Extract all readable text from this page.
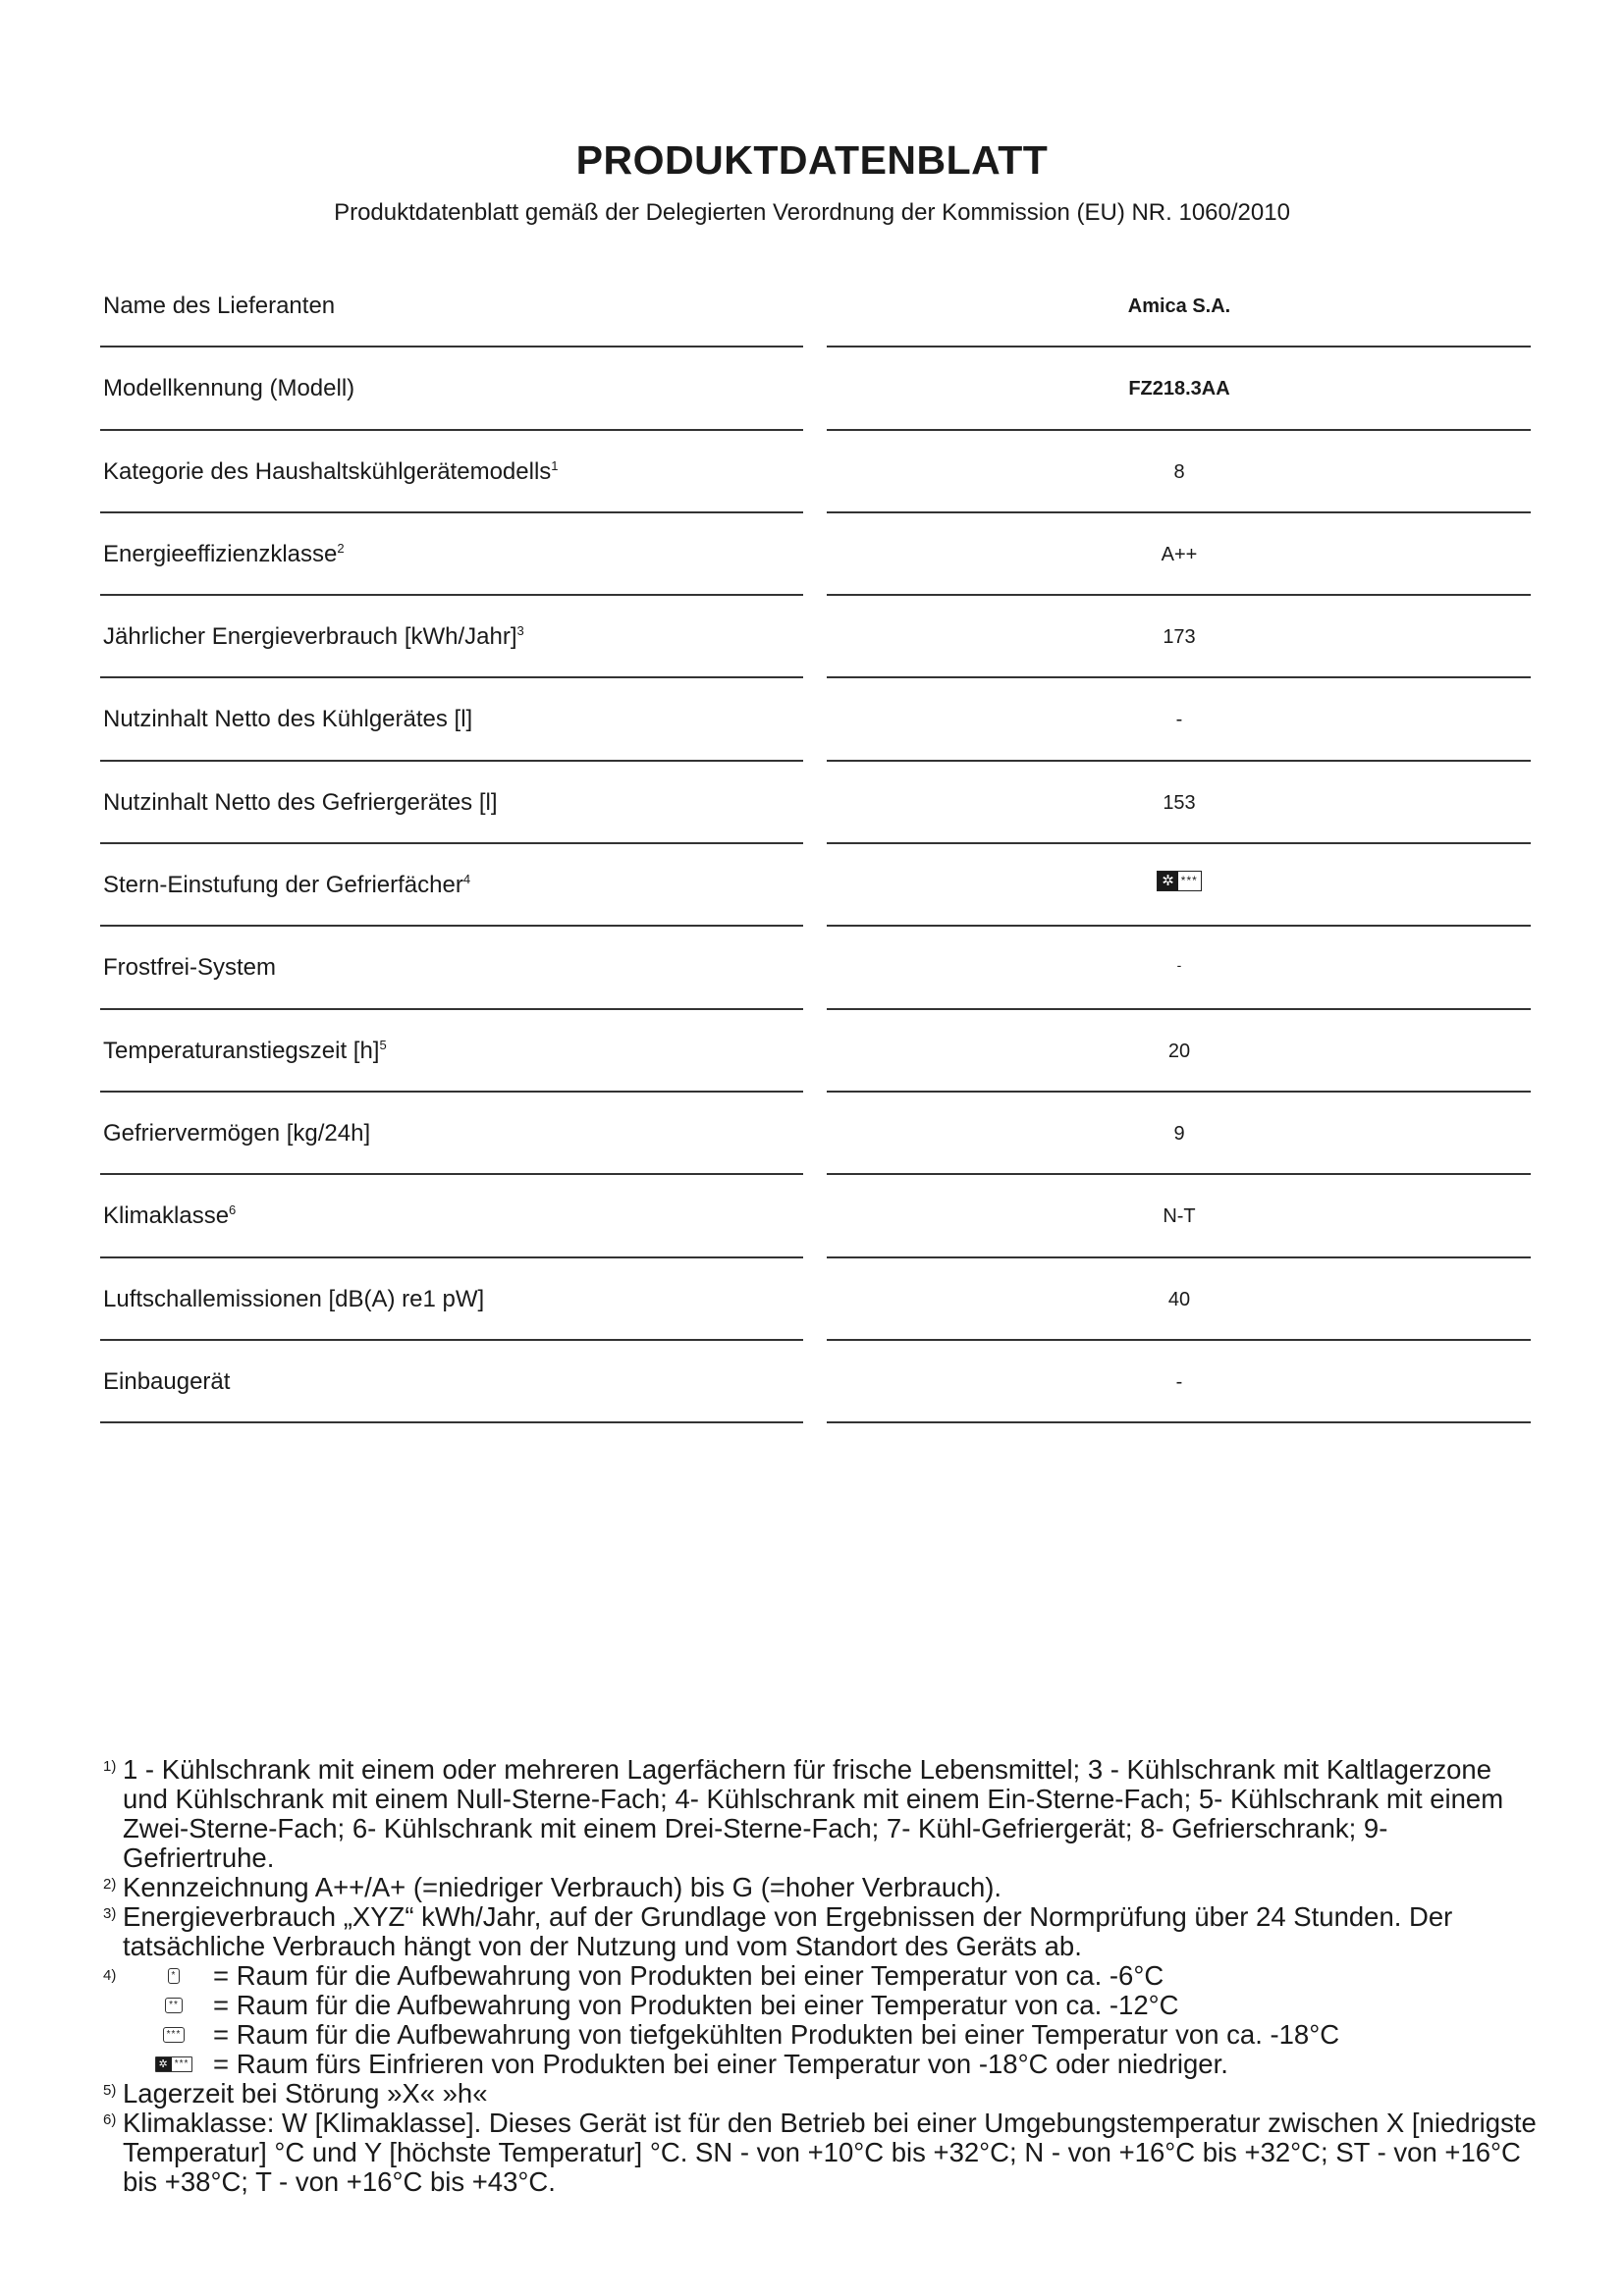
PRODUKTDATENBLATT
Produktdatenblatt gemäß der Delegierten Verordnung der Kommission (EU) NR. 1060/2010
Name des Lieferanten	Amica S.A.
Modellkennung (Modell)	FZ218.3AA
Kategorie des Haushaltskühlgerätemodells$^1$	8
Energieeffizienzklasse$^2$	A++
Jährlicher Energieverbrauch [kWh/Jahr]$^3$	173
Nutzinhalt Netto des Kühlgerätes [l]	-
Nutzinhalt Netto des Gefriergerätes [l]	153
Stern-Einstufung der Gefrierfächer$^4$	✲ ***
Frostfrei-System	-
Temperaturanstiegszeit $[h]^5$	20
Gefriervermögen [kg/24h]	9
Klimaklasse$^6$	N-T
Luftschallemissionen [dB(A) re1 pW]	40
Einbaugerät	-
1) 1 - Kühlschrank mit einem oder mehreren Lagerfächern für frische Lebensmittel; 3 - Kühlschrank mit Kaltlagerzone und Kühlschrank mit einem Null-Sterne-Fach; 4- Kühlschrank mit einem Ein-Sterne-Fach; 5- Kühlschrank mit einem Zwei-Sterne-Fach; 6- Kühlschrank mit einem Drei-Sterne-Fach; 7- Kühl-Gefriergerät; 8- Gefrierschrank; 9- Gefriertruhe.
2) Kennzeichnung A++/A+ (=niedriger Verbrauch) bis G (=hoher Verbrauch).
3) Energieverbrauch „XYZ“ kWh/Jahr, auf der Grundlage von Ergebnissen der Normprüfung über 24 Stunden. Der tatsächliche Verbrauch hängt von der Nutzung und vom Standort des Geräts ab.
4)	* = Raum für die Aufbewahrung von Produkten bei einer Temperatur von ca. -6°C
** = Raum für die Aufbewahrung von Produkten bei einer Temperatur von ca. -12°C
*** = Raum für die Aufbewahrung von tiefgekühlten Produkten bei einer Temperatur von ca. -18°C
✲ *** = Raum fürs Einfrieren von Produkten bei einer Temperatur von -18°C oder niedriger.
5) Lagerzeit bei Störung »X« »h«
6) Klimaklasse: W [Klimaklasse]. Dieses Gerät ist für den Betrieb bei einer Umgebungstemperatur zwischen X [niedrigste Temperatur] °C und Y [höchste Temperatur] °C. SN - von +10°C bis +32°C; N - von +16°C bis +32°C; ST - von +16°C bis +38°C; T - von +16°C bis +43°C.
